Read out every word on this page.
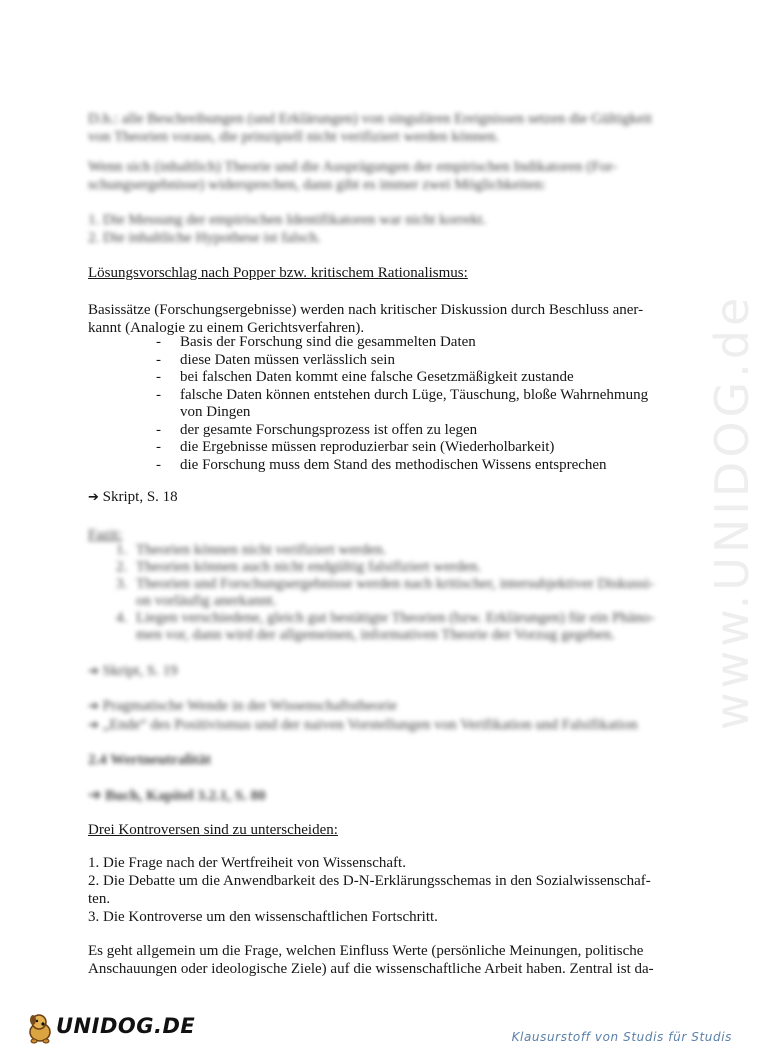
www.UNIDOG.de
D.h.: alle Beschreibungen (und Erklärungen) von singulären Ereignissen setzen die Gültigkeit
von Theorien voraus, die prinzipiell nicht verifiziert werden können.
Wenn sich (inhaltlich) Theorie und die Ausprägungen der empirischen Indikatoren (For-
schungsergebnisse) widersprechen, dann gibt es immer zwei Möglichkeiten:
1. Die Messung der empirischen Identifikatoren war nicht korrekt.
2. Die inhaltliche Hypothese ist falsch.
Lösungsvorschlag nach Popper bzw. kritischem Rationalismus:
Basissätze (Forschungsergebnisse) werden nach kritischer Diskussion durch Beschluss aner-
kannt (Analogie zu einem Gerichtsverfahren).
- Basis der Forschung sind die gesammelten Daten
- diese Daten müssen verlässlich sein
- bei falschen Daten kommt eine falsche Gesetzmäßigkeit zustande
- falsche Daten können entstehen durch Lüge, Täuschung, bloße Wahrnehmung
von Dingen
- der gesamte Forschungsprozess ist offen zu legen
- die Ergebnisse müssen reproduzierbar sein (Wiederholbarkeit)
- die Forschung muss dem Stand des methodischen Wissens entsprechen
➔ Skript, S. 18
Fazit:
1. Theorien können nicht verifiziert werden.
2. Theorien können auch nicht endgültig falsifiziert werden.
3. Theorien und Forschungsergebnisse werden nach kritischer, intersubjektiver Diskussi-
on vorläufig anerkannt.
4. Liegen verschiedene, gleich gut bestätigte Theorien (bzw. Erklärungen) für ein Phäno-
men vor, dann wird der allgemeinen, informativen Theorie der Vorzug gegeben.
➔ Skript, S. 19
➔ Pragmatische Wende in der Wissenschaftstheorie
➔ „Ende“ des Positivismus und der naiven Vorstellungen von Verifikation und Falsifikation
2.4 Wertneutralität
➔ Buch, Kapitel 3.2.1, S. 80
Drei Kontroversen sind zu unterscheiden:
1. Die Frage nach der Wertfreiheit von Wissenschaft.
2. Die Debatte um die Anwendbarkeit des D-N-Erklärungsschemas in den Sozialwissenschaf-
ten.
3. Die Kontroverse um den wissenschaftlichen Fortschritt.
Es geht allgemein um die Frage, welchen Einfluss Werte (persönliche Meinungen, politische
Anschauungen oder ideologische Ziele) auf die wissenschaftliche Arbeit haben. Zentral ist da-
UNIDOG.DE	Klausurstoff von Studis für Studis
